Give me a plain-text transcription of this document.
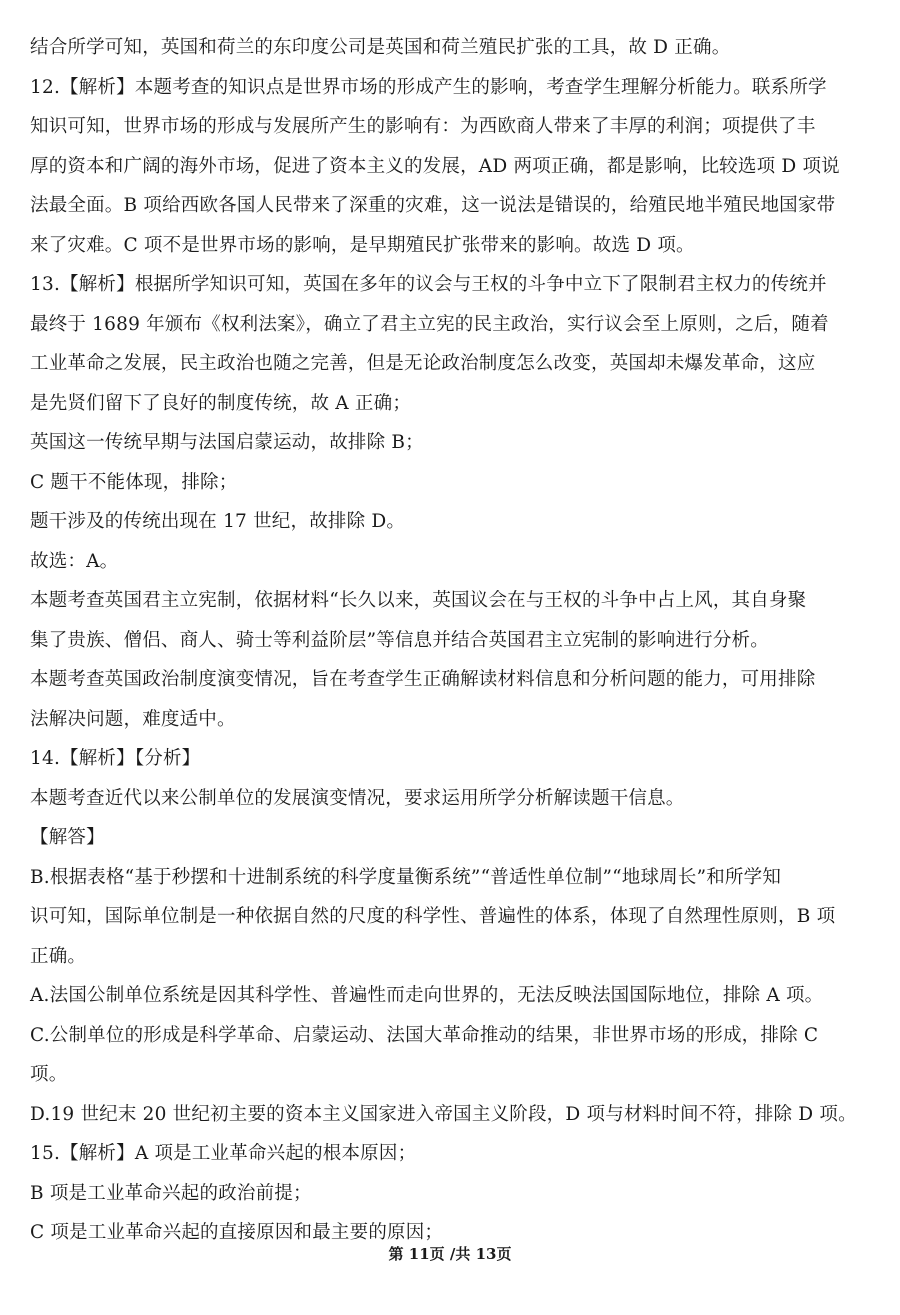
结合所学可知，英国和荷兰的东印度公司是英国和荷兰殖民扩张的工具，故 D 正确。
12.【解析】本题考查的知识点是世界市场的形成产生的影响，考查学生理解分析能力。联系所学
知识可知，世界市场的形成与发展所产生的影响有：为西欧商人带来了丰厚的利润；项提供了丰
厚的资本和广阔的海外市场，促进了资本主义的发展，AD 两项正确，都是影响，比较选项 D 项说
法最全面。B 项给西欧各国人民带来了深重的灾难，这一说法是错误的，给殖民地半殖民地国家带
来了灾难。C 项不是世界市场的影响，是早期殖民扩张带来的影响。故选 D 项。
13.【解析】根据所学知识可知，英国在多年的议会与王权的斗争中立下了限制君主权力的传统并
最终于 1689 年颁布《权利法案》，确立了君主立宪的民主政治，实行议会至上原则，之后，随着
工业革命之发展，民主政治也随之完善，但是无论政治制度怎么改变，英国却未爆发革命，这应
是先贤们留下了良好的制度传统，故 A 正确；
英国这一传统早期与法国启蒙运动，故排除 B；
C 题干不能体现，排除；
题干涉及的传统出现在 17 世纪，故排除 D。
故选：A。
本题考查英国君主立宪制，依据材料“长久以来，英国议会在与王权的斗争中占上风，其自身聚
集了贵族、僧侣、商人、骑士等利益阶层”等信息并结合英国君主立宪制的影响进行分析。
本题考查英国政治制度演变情况，旨在考查学生正确解读材料信息和分析问题的能力，可用排除
法解决问题，难度适中。
14.【解析】【分析】
本题考查近代以来公制单位的发展演变情况，要求运用所学分析解读题干信息。
【解答】
B.根据表格“基于秒摆和十进制系统的科学度量衡系统”“普适性单位制”“地球周长”和所学知
识可知，国际单位制是一种依据自然的尺度的科学性、普遍性的体系，体现了自然理性原则，B 项
正确。
A.法国公制单位系统是因其科学性、普遍性而走向世界的，无法反映法国国际地位，排除 A 项。
C.公制单位的形成是科学革命、启蒙运动、法国大革命推动的结果，非世界市场的形成，排除 C
项。
D.19 世纪末 20 世纪初主要的资本主义国家进入帝国主义阶段，D 项与材料时间不符，排除 D 项。
15.【解析】A 项是工业革命兴起的根本原因；
B 项是工业革命兴起的政治前提；
C 项是工业革命兴起的直接原因和最主要的原因；
第 11页 /共 13页
